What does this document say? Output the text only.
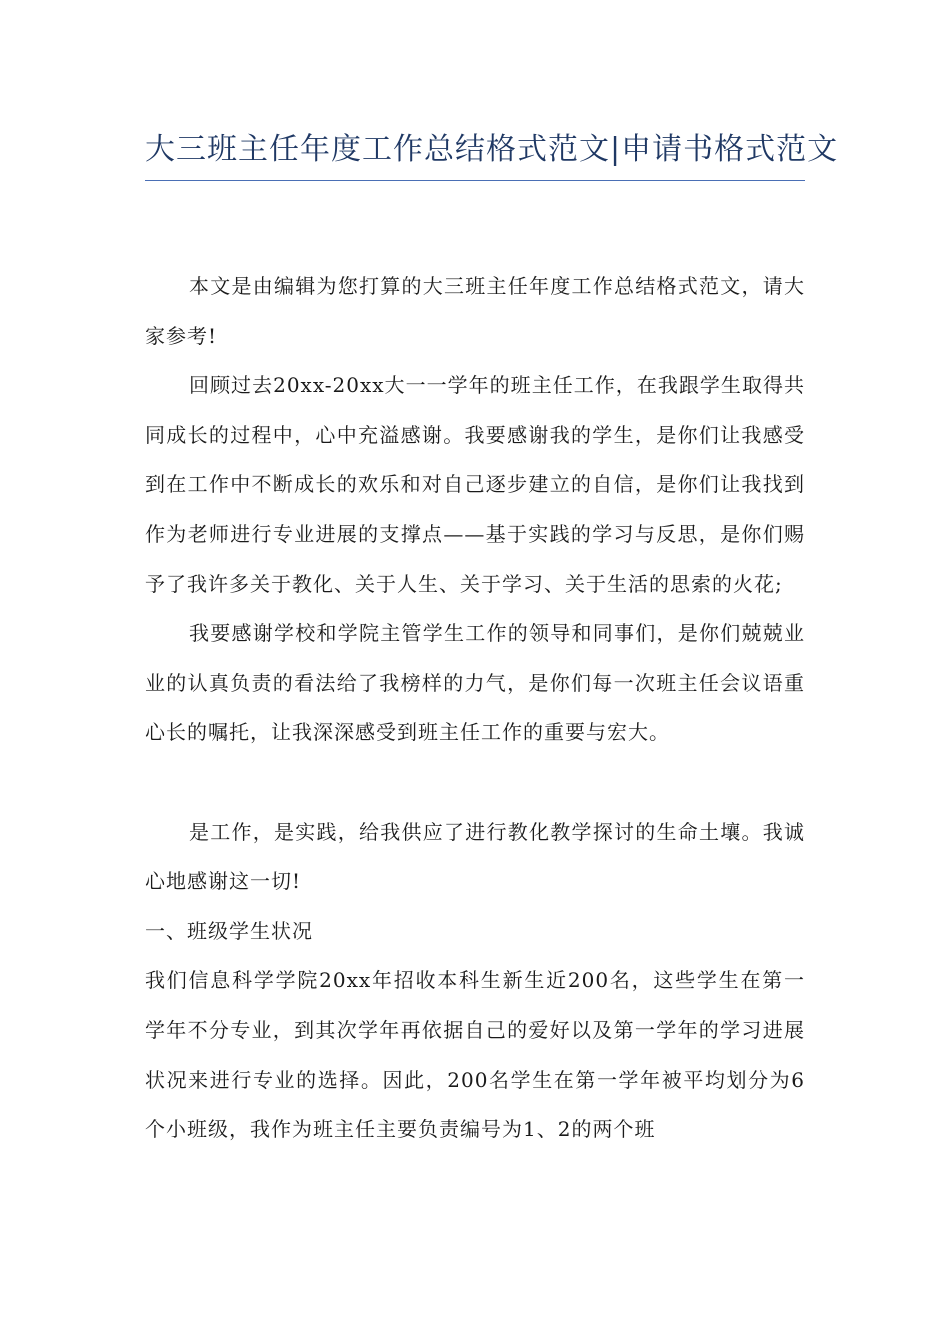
大三班主任年度工作总结格式范文|申请书格式范文

本文是由编辑为您打算的大三班主任年度工作总结格式范文，请大家参考!

回顾过去20xx-20xx大一一学年的班主任工作，在我跟学生取得共同成长的过程中，心中充溢感谢。我要感谢我的学生，是你们让我感受到在工作中不断成长的欢乐和对自己逐步建立的自信，是你们让我找到作为老师进行专业进展的支撑点——基于实践的学习与反思，是你们赐予了我许多关于教化、关于人生、关于学习、关于生活的思索的火花;

我要感谢学校和学院主管学生工作的领导和同事们，是你们兢兢业业的认真负责的看法给了我榜样的力气，是你们每一次班主任会议语重心长的嘱托，让我深深感受到班主任工作的重要与宏大。

是工作，是实践，给我供应了进行教化教学探讨的生命土壤。我诚心地感谢这一切!

一、班级学生状况

我们信息科学学院20xx年招收本科生新生近200名，这些学生在第一学年不分专业，到其次学年再依据自己的爱好以及第一学年的学习进展状况来进行专业的选择。因此，200名学生在第一学年被平均划分为6个小班级，我作为班主任主要负责编号为1、2的两个班
